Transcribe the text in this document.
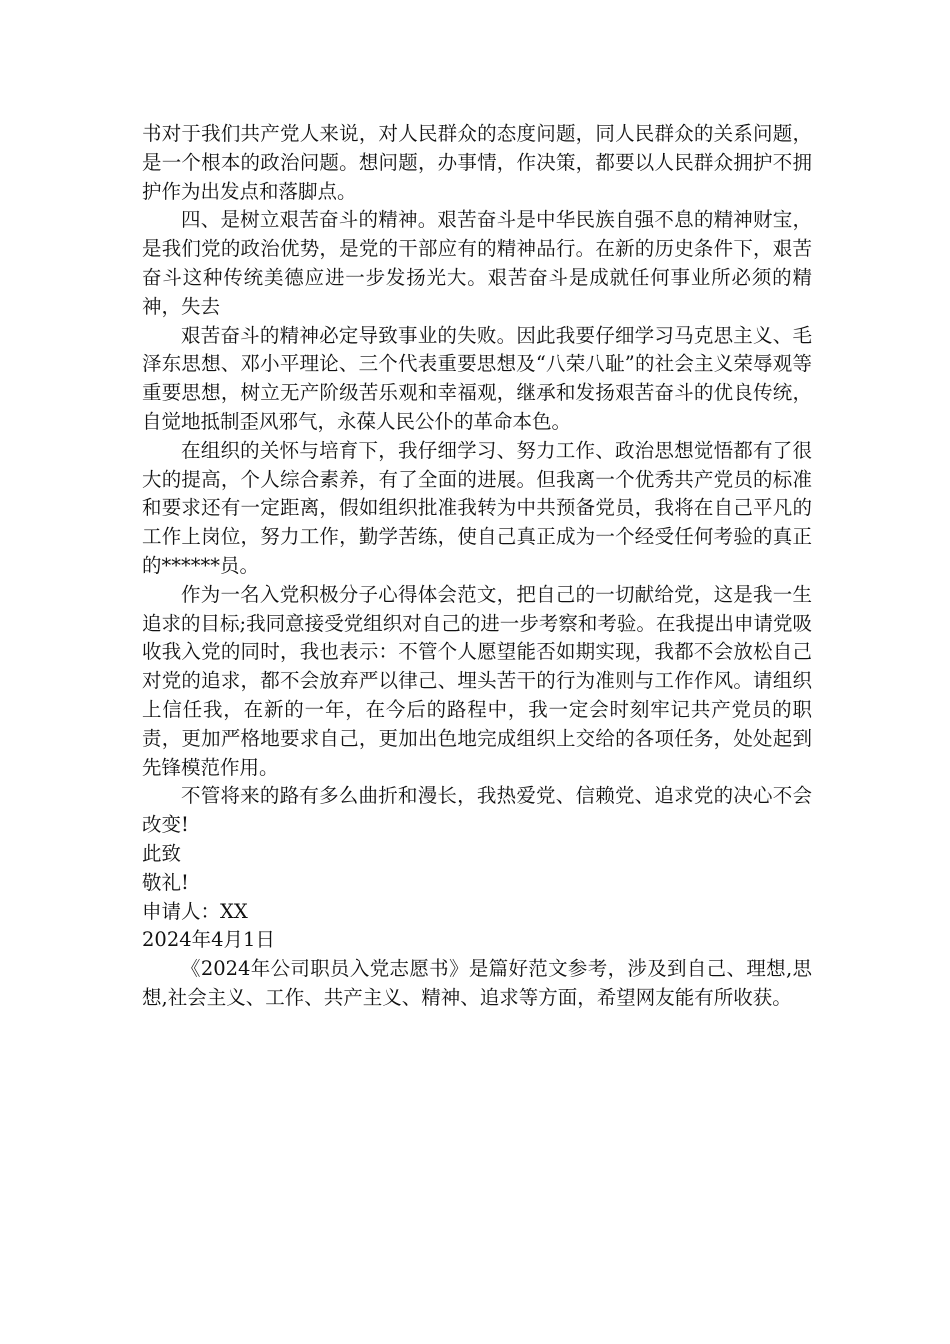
书对于我们共产党人来说，对人民群众的态度问题，同人民群众的关系问题，是一个根本的政治问题。想问题，办事情，作决策，都要以人民群众拥护不拥护作为出发点和落脚点。

四、是树立艰苦奋斗的精神。艰苦奋斗是中华民族自强不息的精神财宝，是我们党的政治优势，是党的干部应有的精神品行。在新的历史条件下，艰苦奋斗这种传统美德应进一步发扬光大。艰苦奋斗是成就任何事业所必须的精神，失去

艰苦奋斗的精神必定导致事业的失败。因此我要仔细学习马克思主义、毛泽东思想、邓小平理论、三个代表重要思想及“八荣八耻”的社会主义荣辱观等重要思想，树立无产阶级苦乐观和幸福观，继承和发扬艰苦奋斗的优良传统，自觉地抵制歪风邪气，永葆人民公仆的革命本色。

在组织的关怀与培育下，我仔细学习、努力工作、政治思想觉悟都有了很大的提高，个人综合素养，有了全面的进展。但我离一个优秀共产党员的标准和要求还有一定距离，假如组织批准我转为中共预备党员，我将在自己平凡的工作上岗位，努力工作，勤学苦练，使自己真正成为一个经受任何考验的真正的******员。

作为一名入党积极分子心得体会范文，把自己的一切献给党，这是我一生追求的目标;我同意接受党组织对自己的进一步考察和考验。在我提出申请党吸收我入党的同时，我也表示：不管个人愿望能否如期实现，我都不会放松自己对党的追求，都不会放弃严以律己、埋头苦干的行为准则与工作作风。请组织上信任我，在新的一年，在今后的路程中，我一定会时刻牢记共产党员的职责，更加严格地要求自己，更加出色地完成组织上交给的各项任务，处处起到先锋模范作用。

不管将来的路有多么曲折和漫长，我热爱党、信赖党、追求党的决心不会改变!

此致

敬礼!

申请人：XX

2024年4月1日

《2024年公司职员入党志愿书》是篇好范文参考，涉及到自己、理想,思想,社会主义、工作、共产主义、精神、追求等方面，希望网友能有所收获。
